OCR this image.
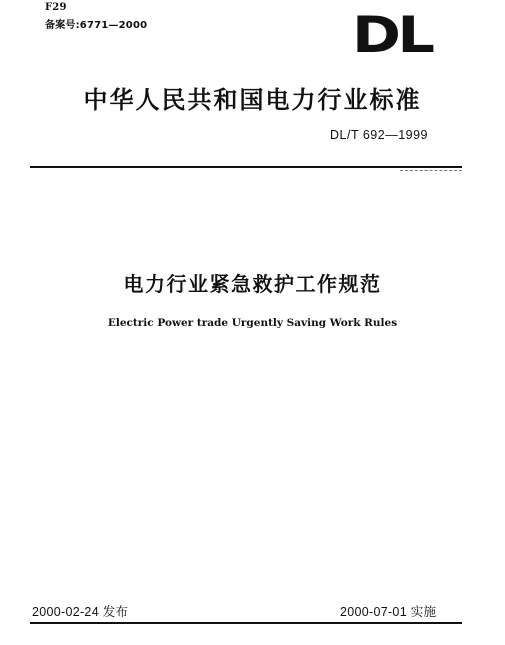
F29
备案号:6771—2000	DL
中华人民共和国电力行业标准
DL/T 692—1999
电力行业紧急救护工作规范
Electric Power trade Urgently Saving Work Rules
2000-02-24 发布	2000-07-01 实施
